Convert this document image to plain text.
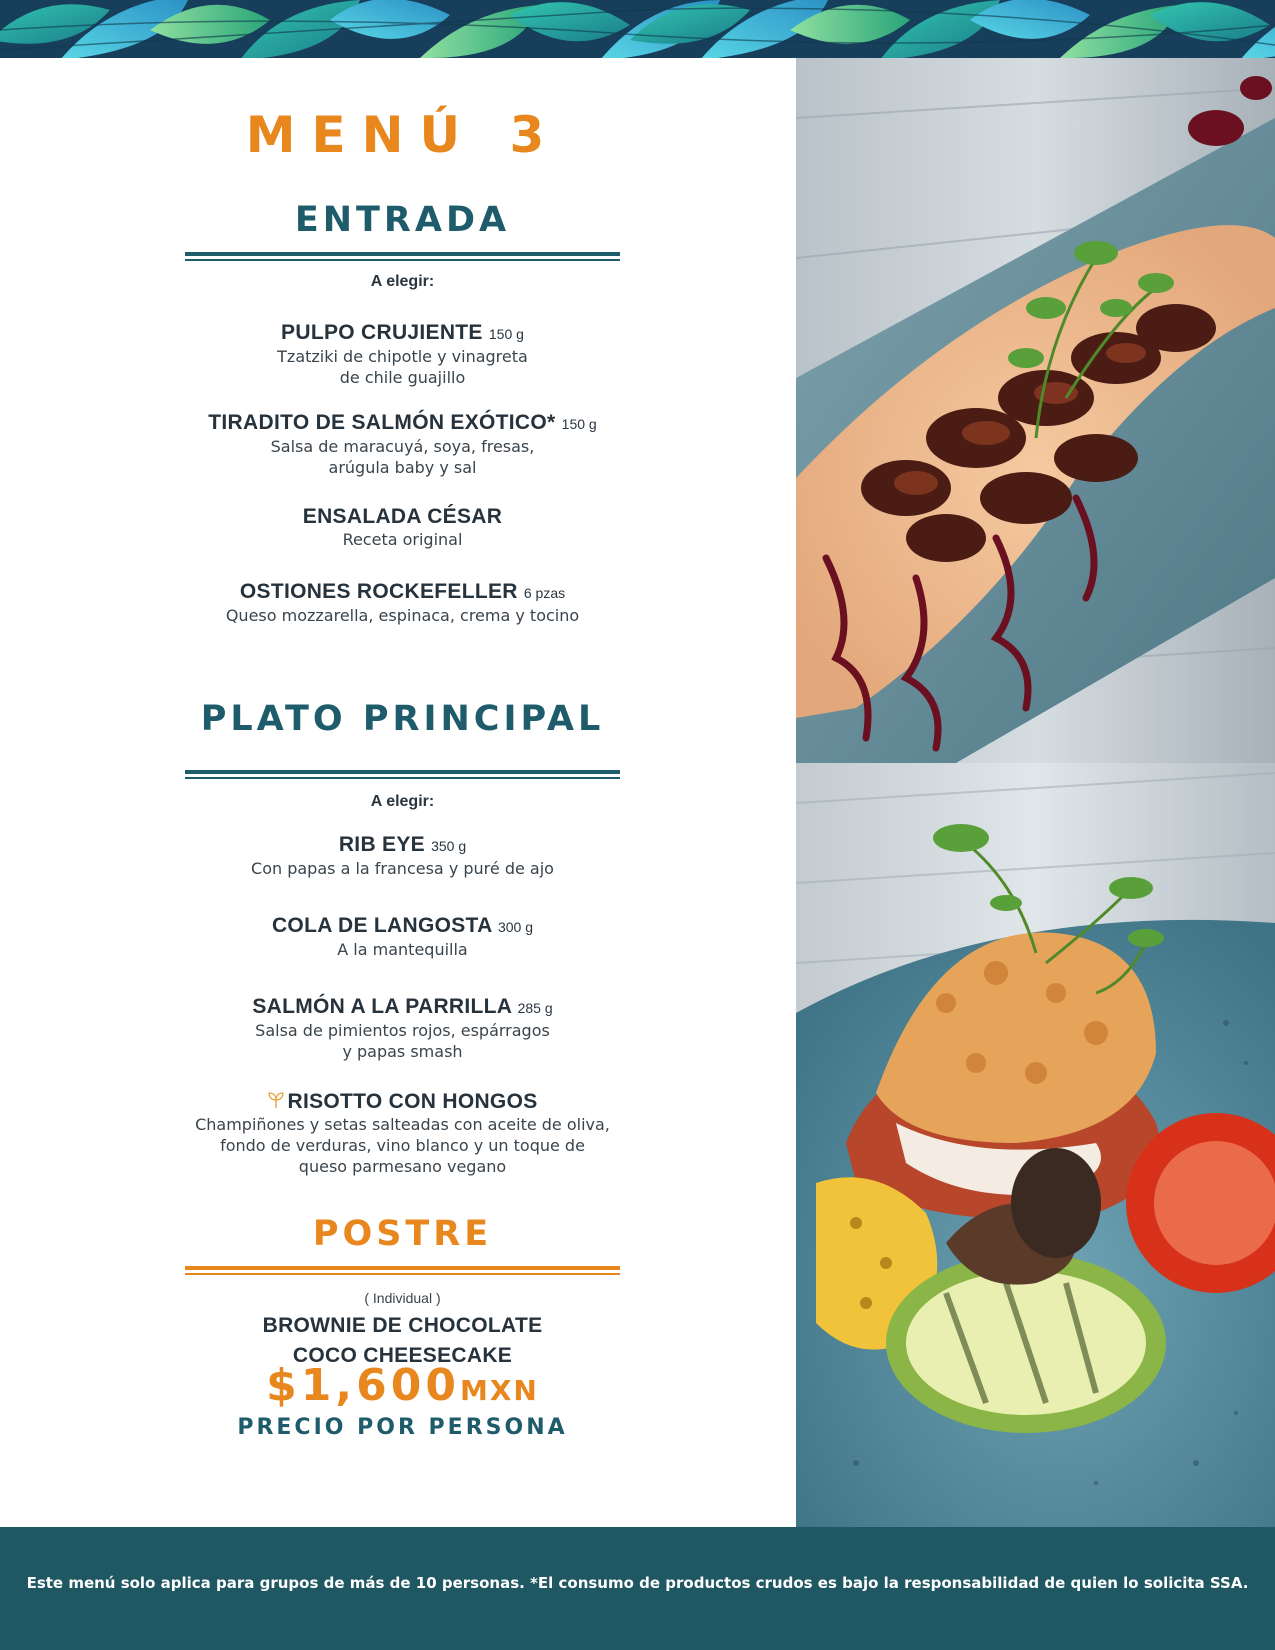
MENÚ 3
ENTRADA
A elegir:
PULPO CRUJIENTE 150 g
Tzatziki de chipotle y vinagreta
de chile guajillo
TIRADITO DE SALMÓN EXÓTICO* 150 g
Salsa de maracuyá, soya, fresas,
arúgula baby y sal
ENSALADA CÉSAR
Receta original
OSTIONES ROCKEFELLER 6 pzas
Queso mozzarella, espinaca, crema y tocino
PLATO PRINCIPAL
A elegir:
RIB EYE 350 g
Con papas a la francesa y puré de ajo
COLA DE LANGOSTA 300 g
A la mantequilla
SALMÓN A LA PARRILLA 285 g
Salsa de pimientos rojos, espárragos
y papas smash
RISOTTO CON HONGOS
Champiñones y setas salteadas con aceite de oliva,
fondo de verduras, vino blanco y un toque de
queso parmesano vegano
POSTRE
( Individual )
BROWNIE DE CHOCOLATE
COCO CHEESECAKE
$1,600MXN
PRECIO POR PERSONA
Este menú solo aplica para grupos de más de 10 personas. *El consumo de productos crudos es bajo la responsabilidad de quien lo solicita SSA.
